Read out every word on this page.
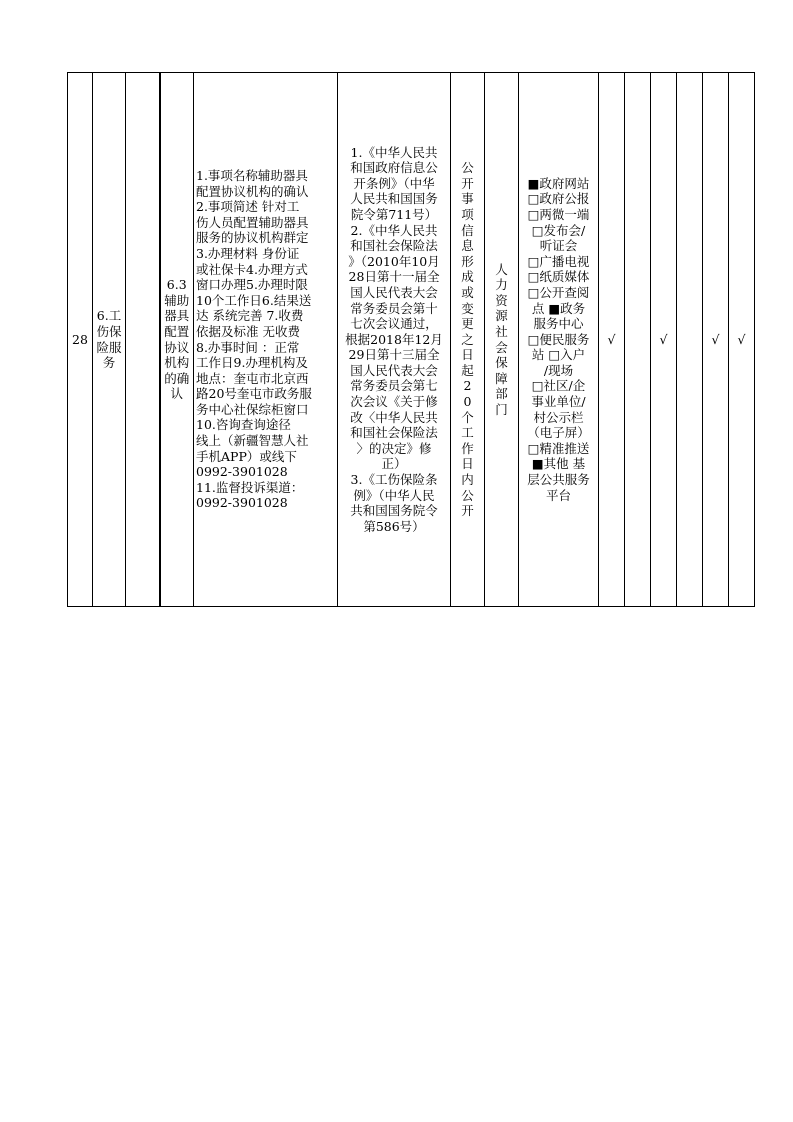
28	6.工
伤保
险服
务		6.3
辅助
器具
配置
协议
机构
的确
认	1.事项名称辅助器具
配置协议机构的确认
2.事项简述 针对工
伤人员配置辅助器具
服务的协议机构群定
3.办理材料 身份证
或社保卡4.办理方式
窗口办理5.办理时限
10个工作日6.结果送
达 系统完善 7.收费
依据及标准 无收费
8.办事时间 ：正常
工作日9.办理机构及
地点：奎屯市北京西
路20号奎屯市政务服
务中心社保综柜窗口
10.咨询查询途径
线上（新疆智慧人社
手机APP）或线下
0992-3901028
11.监督投诉渠道：
0992-3901028	1.《中华人民共
和国政府信息公
开条例》（中华
人民共和国国务
院令第711号）
2.《中华人民共
和国社会保险法
》（2010年10月
28日第十一届全
国人民代表大会
常务委员会第十
七次会议通过，
根据2018年12月
29日第十三届全
国人民代表大会
常务委员会第七
次会议《关于修
改〈中华人民共
和国社会保险法
〉的决定》修
正）
3.《工伤保险条
例》（中华人民
共和国国务院令
第586号）	公
开
事
项
信
息
形
成
或
变
更
之
日
起
2
0
个
工
作
日
内
公
开	人
力
资
源
社
会
保
障
部
门	■政府网站
□政府公报
□两微一端
□发布会/
听证会
□广播电视
□纸质媒体
□公开查阅
点 ■政务
服务中心
□便民服务
站 □入户
/现场
□社区/企
事业单位/
村公示栏
（电子屏）
□精准推送
■其他 基
层公共服务
平台	√		√		√	√
